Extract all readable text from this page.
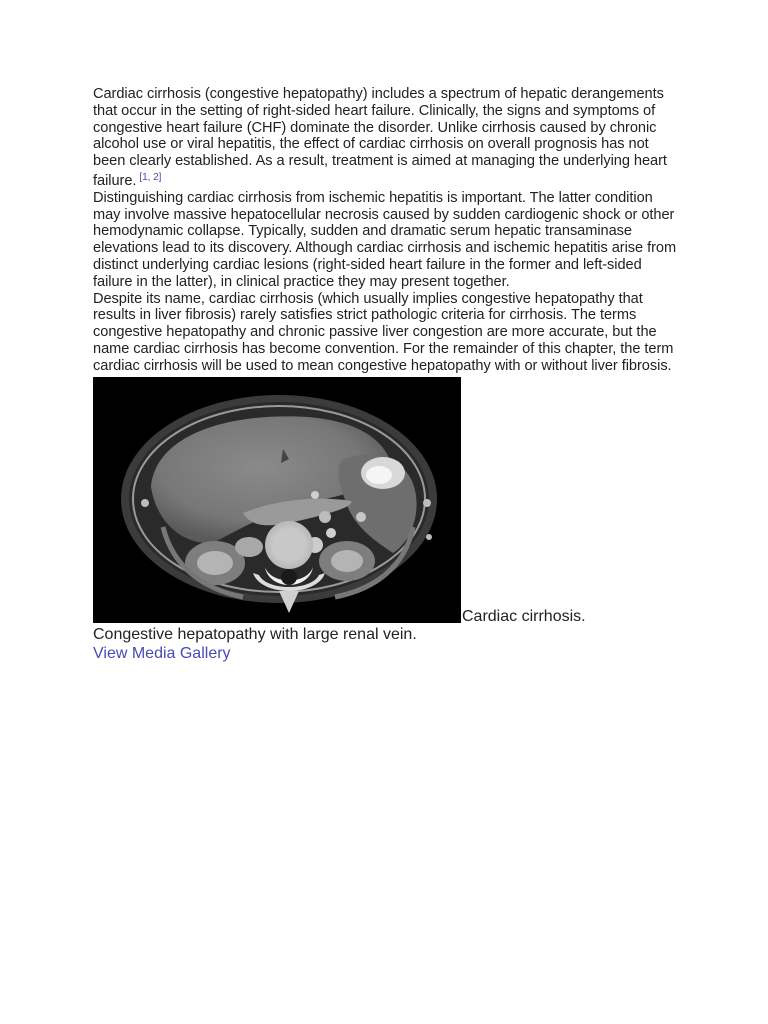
Cardiac cirrhosis (congestive hepatopathy) includes a spectrum of hepatic derangements that occur in the setting of right-sided heart failure. Clinically, the signs and symptoms of congestive heart failure (CHF) dominate the disorder. Unlike cirrhosis caused by chronic alcohol use or viral hepatitis, the effect of cardiac cirrhosis on overall prognosis has not been clearly established. As a result, treatment is aimed at managing the underlying heart failure. [1, 2]

Distinguishing cardiac cirrhosis from ischemic hepatitis is important. The latter condition may involve massive hepatocellular necrosis caused by sudden cardiogenic shock or other hemodynamic collapse. Typically, sudden and dramatic serum hepatic transaminase elevations lead to its discovery. Although cardiac cirrhosis and ischemic hepatitis arise from distinct underlying cardiac lesions (right-sided heart failure in the former and left-sided failure in the latter), in clinical practice they may present together.

Despite its name, cardiac cirrhosis (which usually implies congestive hepatopathy that results in liver fibrosis) rarely satisfies strict pathologic criteria for cirrhosis. The terms congestive hepatopathy and chronic passive liver congestion are more accurate, but the name cardiac cirrhosis has become convention. For the remainder of this chapter, the term cardiac cirrhosis will be used to mean congestive hepatopathy with or without liver fibrosis.

Cardiac cirrhosis.
Congestive hepatopathy with large renal vein.
View Media Gallery
